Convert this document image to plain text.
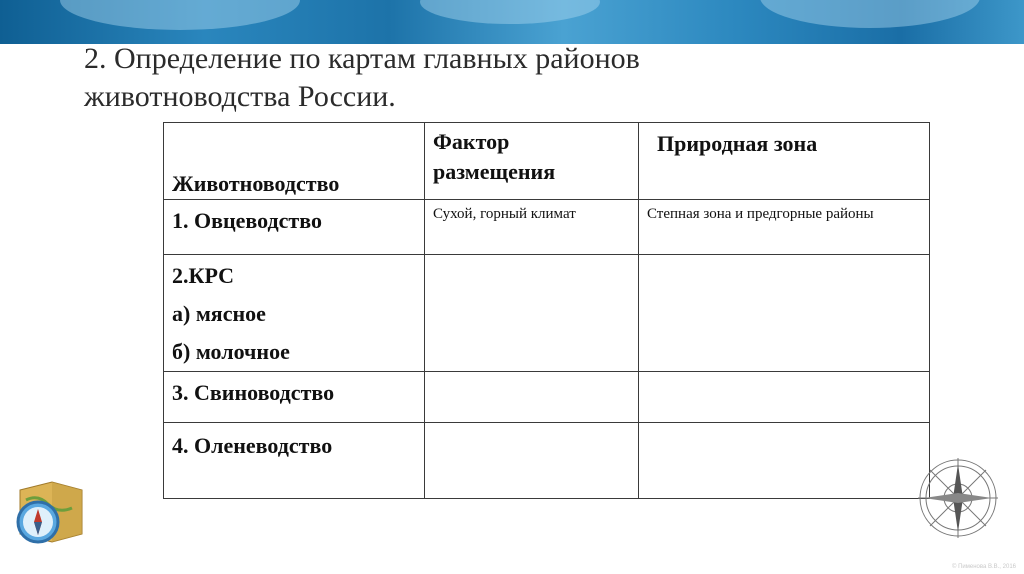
2. Определение по картам главных районов
животноводства России.
Животноводство	Фактор размещения	Природная зона

1. Овцеводство	Сухой, горный климат	Степная зона и предгорные районы

2.КРС
а) мясное
б) молочное		

3. Свиноводство		

4. Оленеводство		

© Пименова В.В., 2016
